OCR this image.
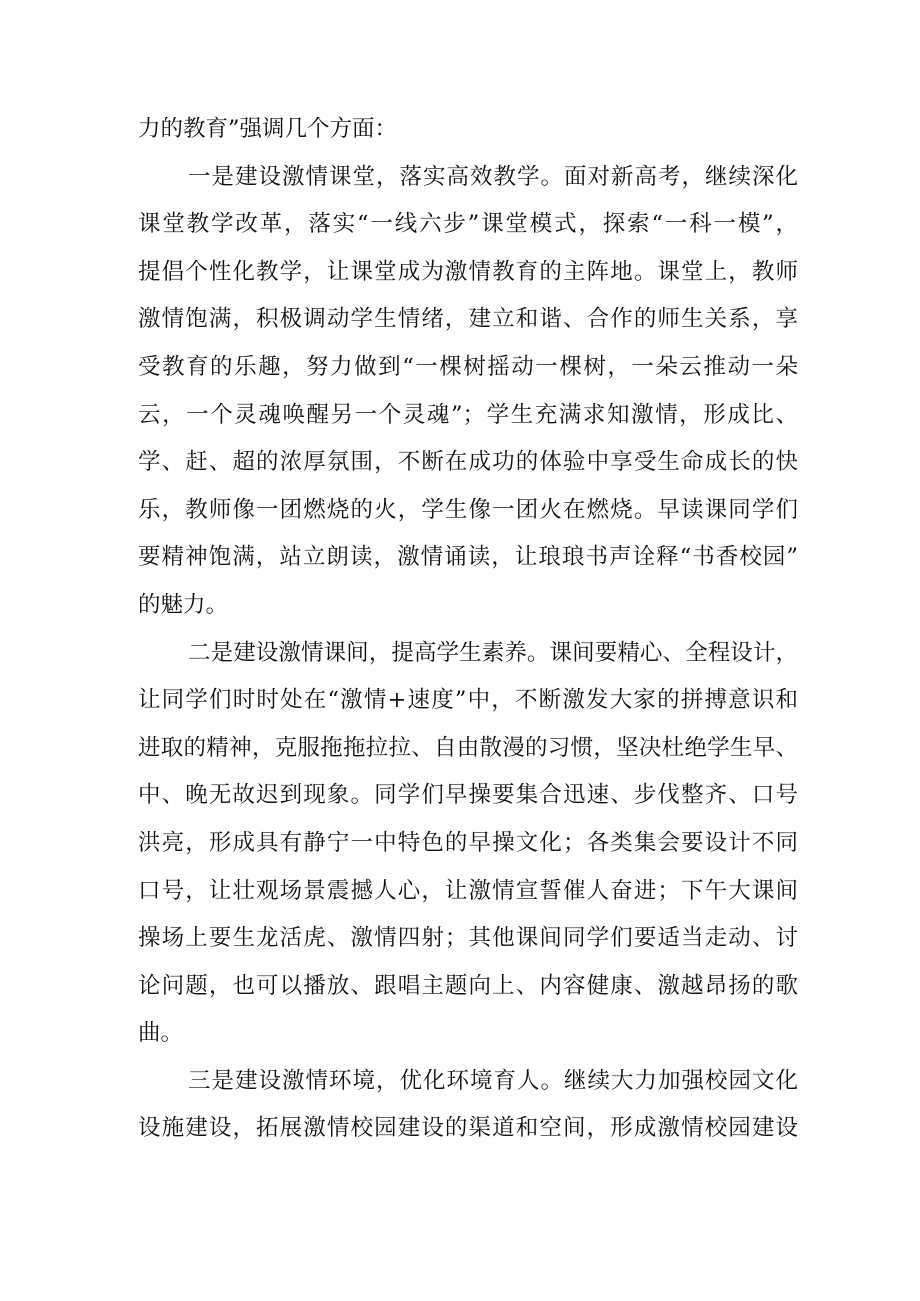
力的教育”强调几个方面：
一是建设激情课堂，落实高效教学。面对新高考，继续深化
课堂教学改革，落实“一线六步”课堂模式，探索“一科一模”，
提倡个性化教学，让课堂成为激情教育的主阵地。课堂上，教师
激情饱满，积极调动学生情绪，建立和谐、合作的师生关系，享
受教育的乐趣，努力做到“一棵树摇动一棵树，一朵云推动一朵
云，一个灵魂唤醒另一个灵魂”；学生充满求知激情，形成比、
学、赶、超的浓厚氛围，不断在成功的体验中享受生命成长的快
乐，教师像一团燃烧的火，学生像一团火在燃烧。早读课同学们
要精神饱满，站立朗读，激情诵读，让琅琅书声诠释“书香校园”
的魅力。
二是建设激情课间，提高学生素养。课间要精心、全程设计，
让同学们时时处在“激情+速度”中，不断激发大家的拼搏意识和
进取的精神，克服拖拖拉拉、自由散漫的习惯，坚决杜绝学生早、
中、晚无故迟到现象。同学们早操要集合迅速、步伐整齐、口号
洪亮，形成具有静宁一中特色的早操文化；各类集会要设计不同
口号，让壮观场景震撼人心，让激情宣誓催人奋进；下午大课间
操场上要生龙活虎、激情四射；其他课间同学们要适当走动、讨
论问题，也可以播放、跟唱主题向上、内容健康、激越昂扬的歌
曲。
三是建设激情环境，优化环境育人。继续大力加强校园文化
设施建设，拓展激情校园建设的渠道和空间，形成激情校园建设
